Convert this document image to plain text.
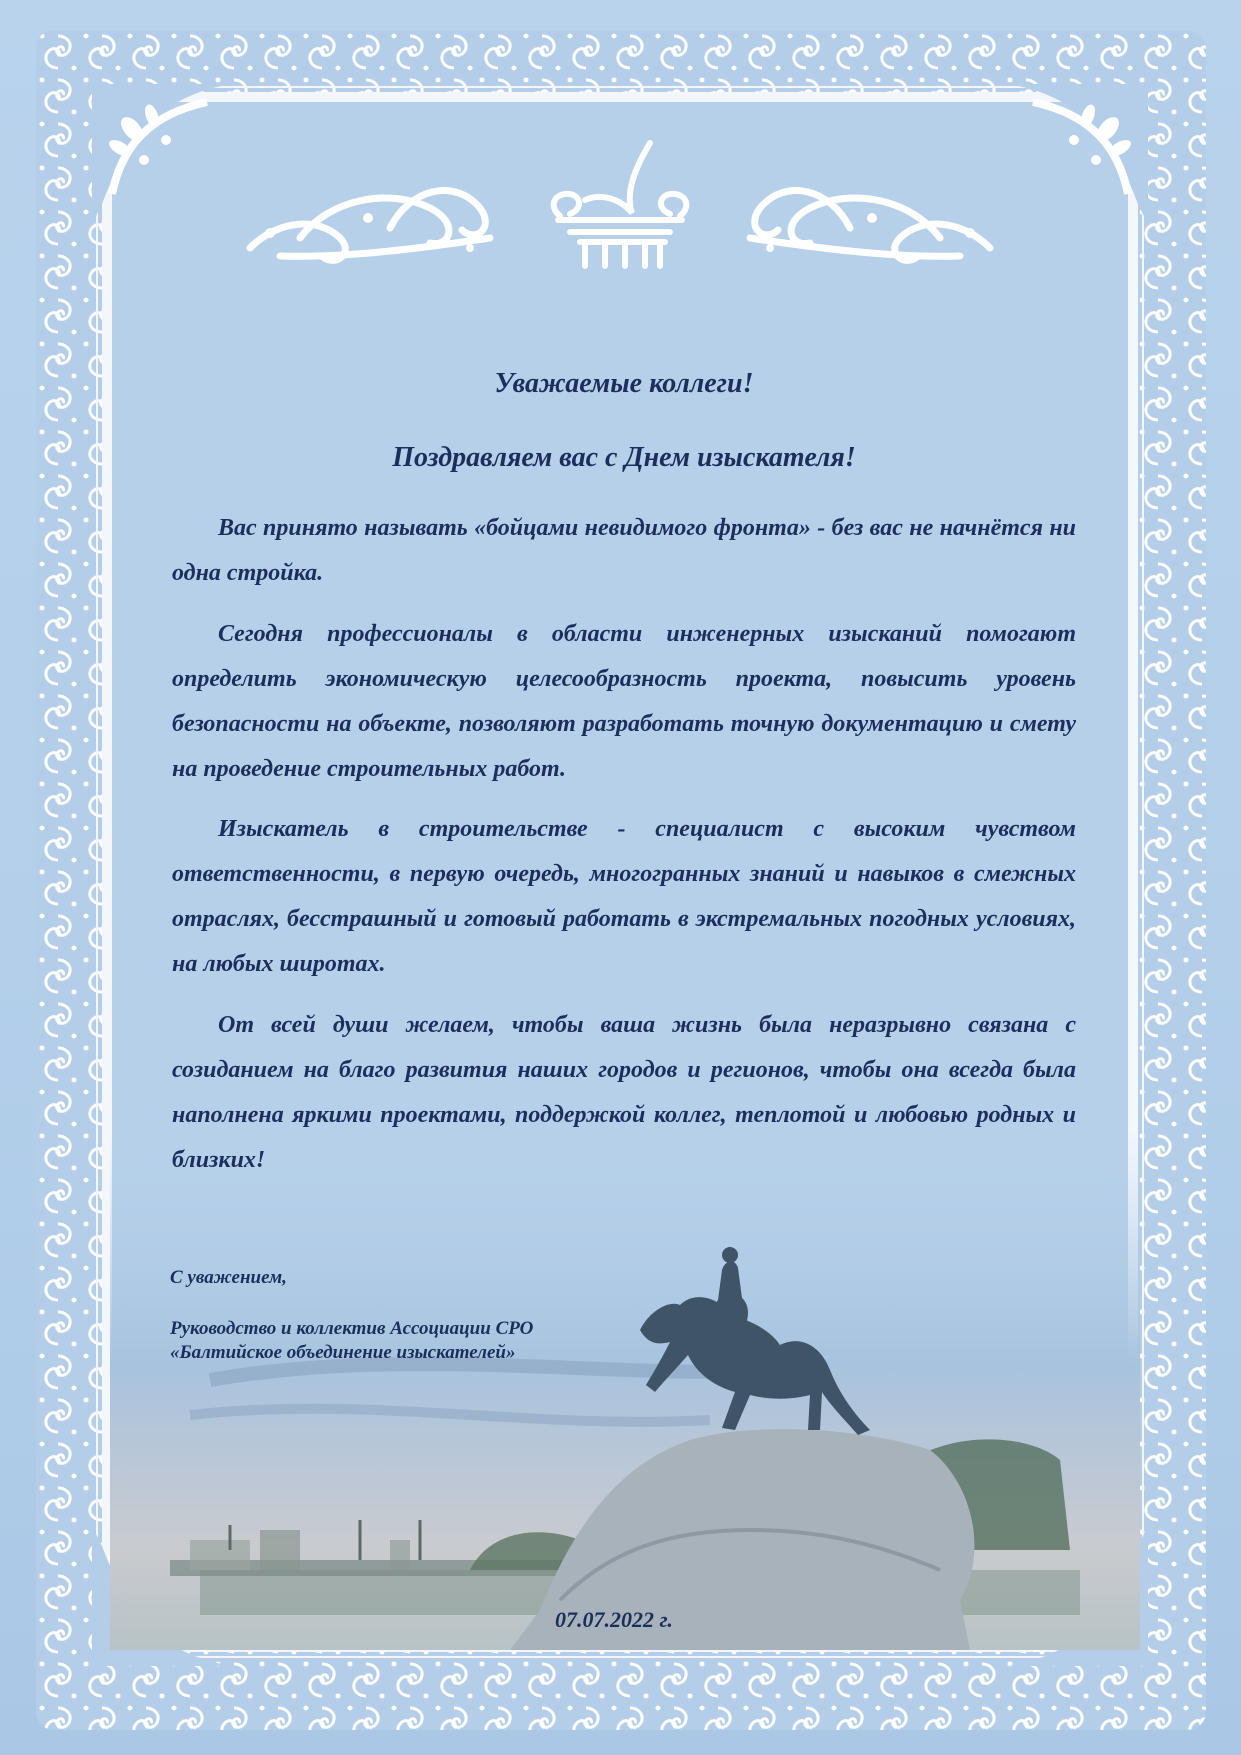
Уважаемые коллеги!
Поздравляем вас с Днем изыскателя!
Вас принято называть «бойцами невидимого фронта» - без вас не начнётся ни одна стройка.
Сегодня профессионалы в области инженерных изысканий помогают определить экономическую целесообразность проекта, повысить уровень безопасности на объекте, позволяют разработать точную документацию и смету на проведение строительных работ.
Изыскатель в строительстве - специалист с высоким чувством ответственности, в первую очередь, многогранных знаний и навыков в смежных отраслях, бесстрашный и готовый работать в экстремальных погодных условиях, на любых широтах.
От всей души желаем, чтобы ваша жизнь была неразрывно связана с созиданием на благо развития наших городов и регионов, чтобы она всегда была наполнена яркими проектами, поддержкой коллег, теплотой и любовью родных и близких!
С уважением,
Руководство и коллектив Ассоциации СРО
«Балтийское объединение изыскателей»
07.07.2022 г.
